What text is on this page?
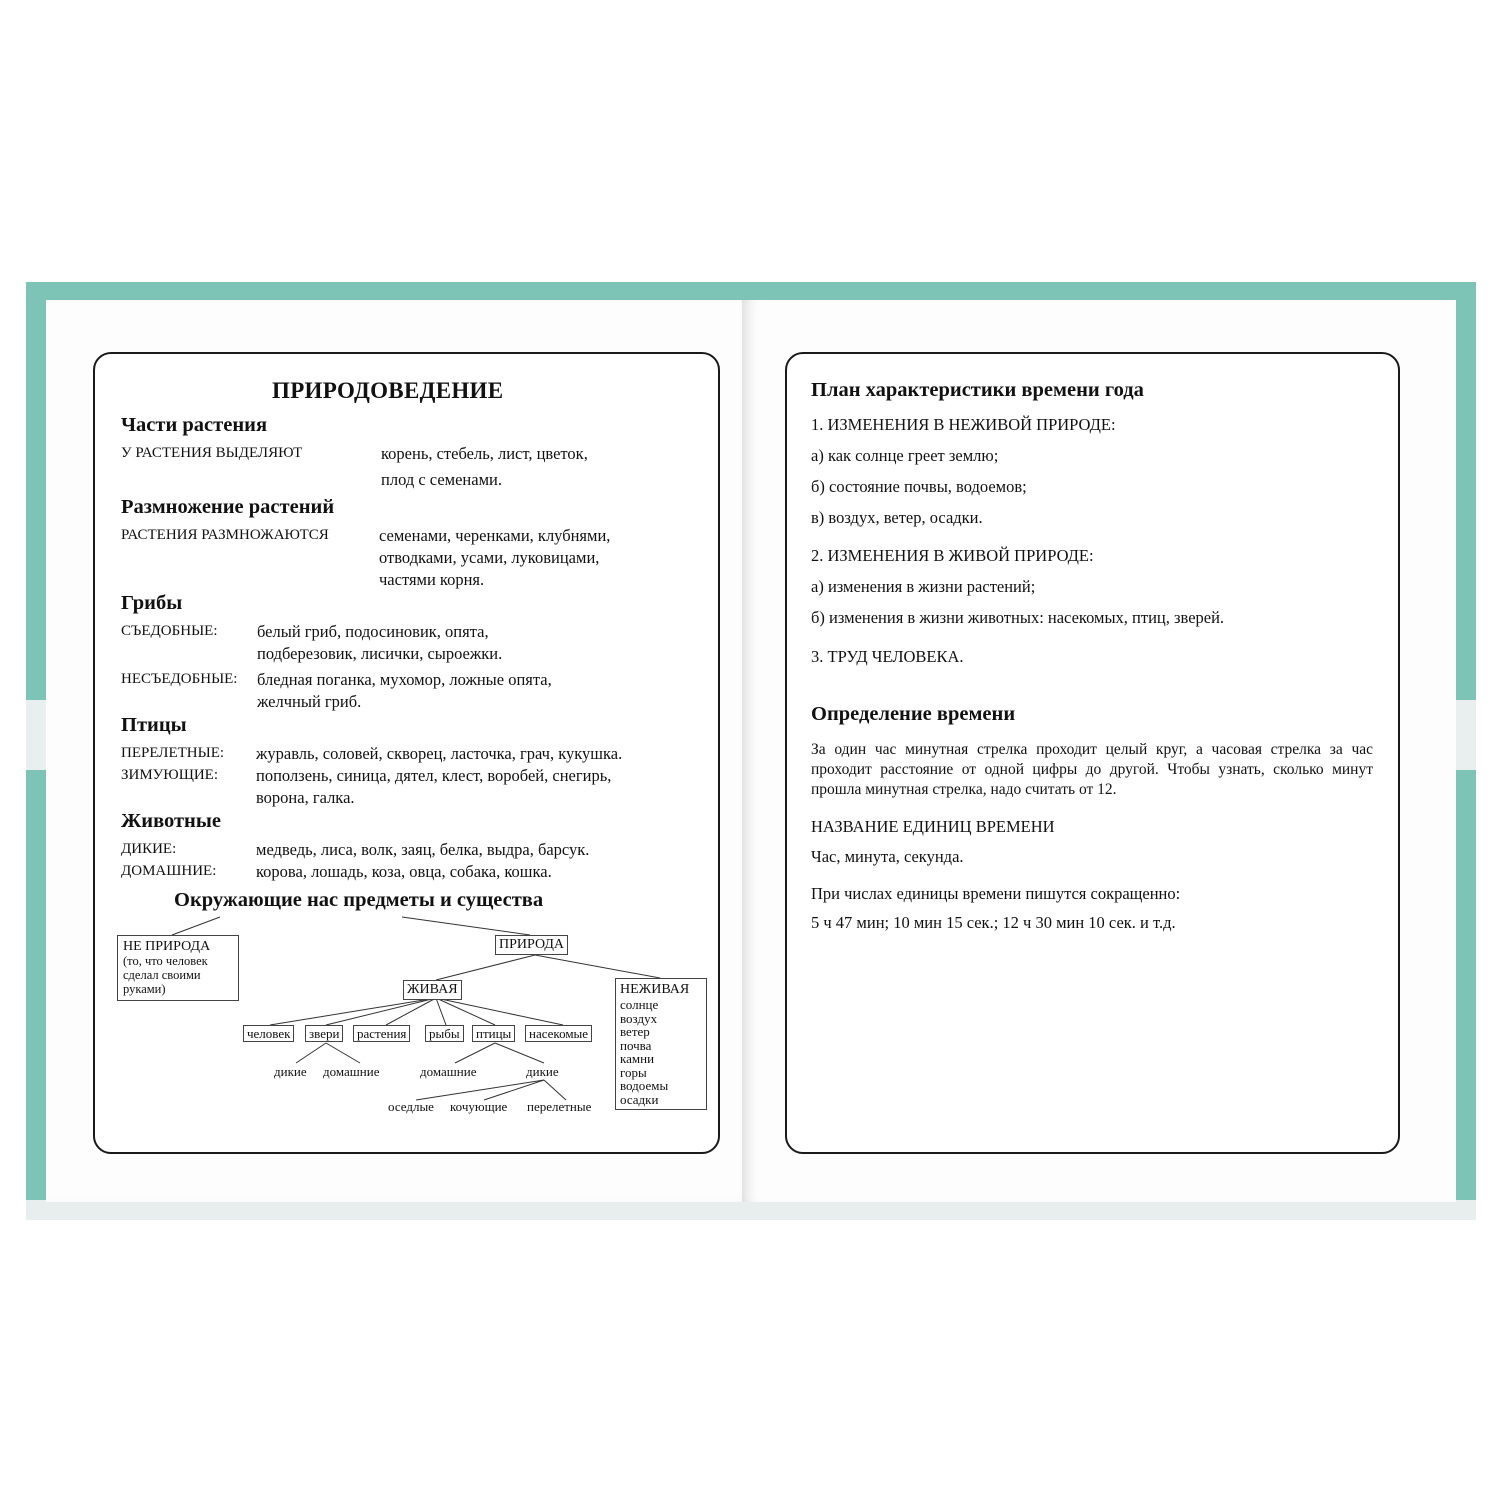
ПРИРОДОВЕДЕНИЕ
Части растения
У РАСТЕНИЯ ВЫДЕЛЯЮТ	корень, стебель, лист, цветок,
плод с семенами.
Размножение растений
РАСТЕНИЯ РАЗМНОЖАЮТСЯ	семенами, черенками, клубнями,
отводками, усами, луковицами,
частями корня.
Грибы
СЪЕДОБНЫЕ: белый гриб, подосиновик, опята,
подберезовик, лисички, сыроежки.
НЕСЪЕДОБНЫЕ: бледная поганка, мухомор, ложные опята,
желчный гриб.
Птицы
ПЕРЕЛЕТНЫЕ: журавль, соловей, скворец, ласточка, грач, кукушка.
ЗИМУЮЩИЕ: поползень, синица, дятел, клест, воробей, снегирь,
ворона, галка.
Животные
ДИКИЕ:	медведь, лиса, волк, заяц, белка, выдра, барсук.
ДОМАШНИЕ: корова, лошадь, коза, овца, собака, кошка.
Окружающие нас предметы и существа
НЕ ПРИРОДА
(то, что человек
сделал своими
руками)
ПРИРОДА
ЖИВАЯ	НЕЖИВАЯ
солнце
воздух
ветер
почва
камни
горы
водоемы
осадки
человек	звери	растения	рыбы	птицы	насекомые
дикие домашние	домашние	дикие
оседлые кочующие перелетные
План характеристики времени года
1. ИЗМЕНЕНИЯ В НЕЖИВОЙ ПРИРОДЕ:
а) как солнце греет землю;
б) состояние почвы, водоемов;
в) воздух, ветер, осадки.
2. ИЗМЕНЕНИЯ В ЖИВОЙ ПРИРОДЕ:
а) изменения в жизни растений;
б) изменения в жизни животных: насекомых, птиц, зверей.
3. ТРУД ЧЕЛОВЕКА.
Определение времени
За один час минутная стрелка проходит целый круг, а часовая стрелка за час проходит расстояние от одной цифры до другой. Чтобы узнать, сколько минут прошла минутная стрелка, надо считать от 12.
НАЗВАНИЕ ЕДИНИЦ ВРЕМЕНИ
Час, минута, секунда.
При числах единицы времени пишутся сокращенно:
5 ч 47 мин; 10 мин 15 сек.; 12 ч 30 мин 10 сек. и т.д.
